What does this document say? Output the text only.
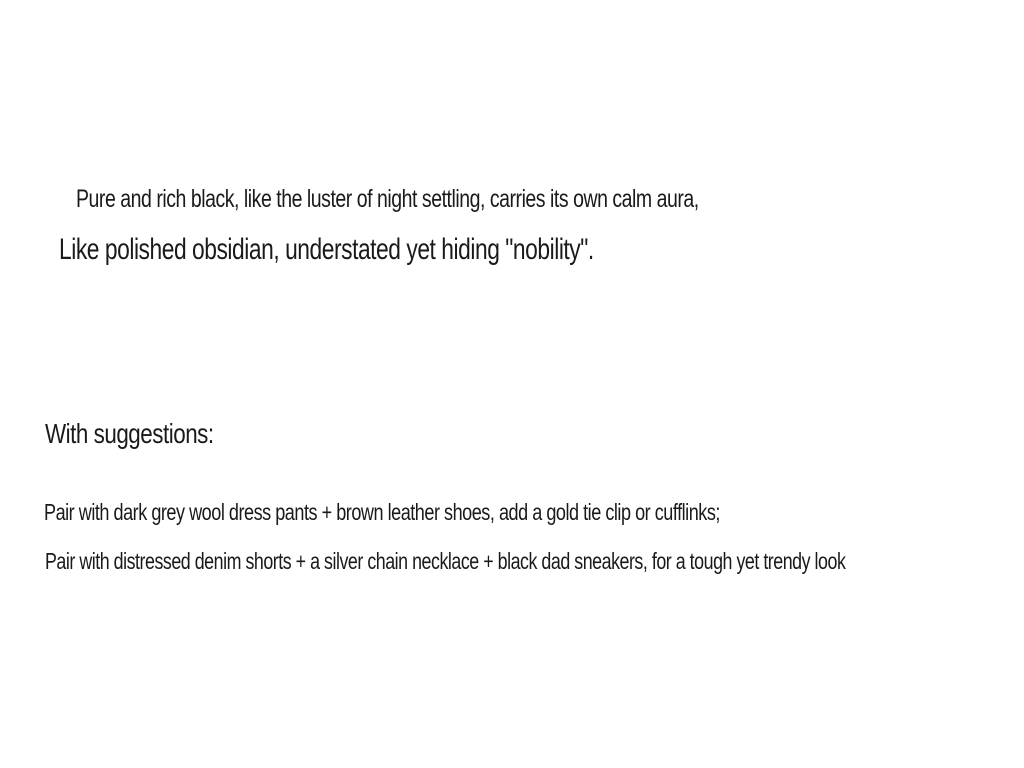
Pure and rich black, like the luster of night settling, carries its own calm aura,
Like polished obsidian, understated yet hiding "nobility".
With suggestions:
Pair with dark grey wool dress pants + brown leather shoes, add a gold tie clip or cufflinks;
Pair with distressed denim shorts + a silver chain necklace + black dad sneakers, for a tough yet trendy look
